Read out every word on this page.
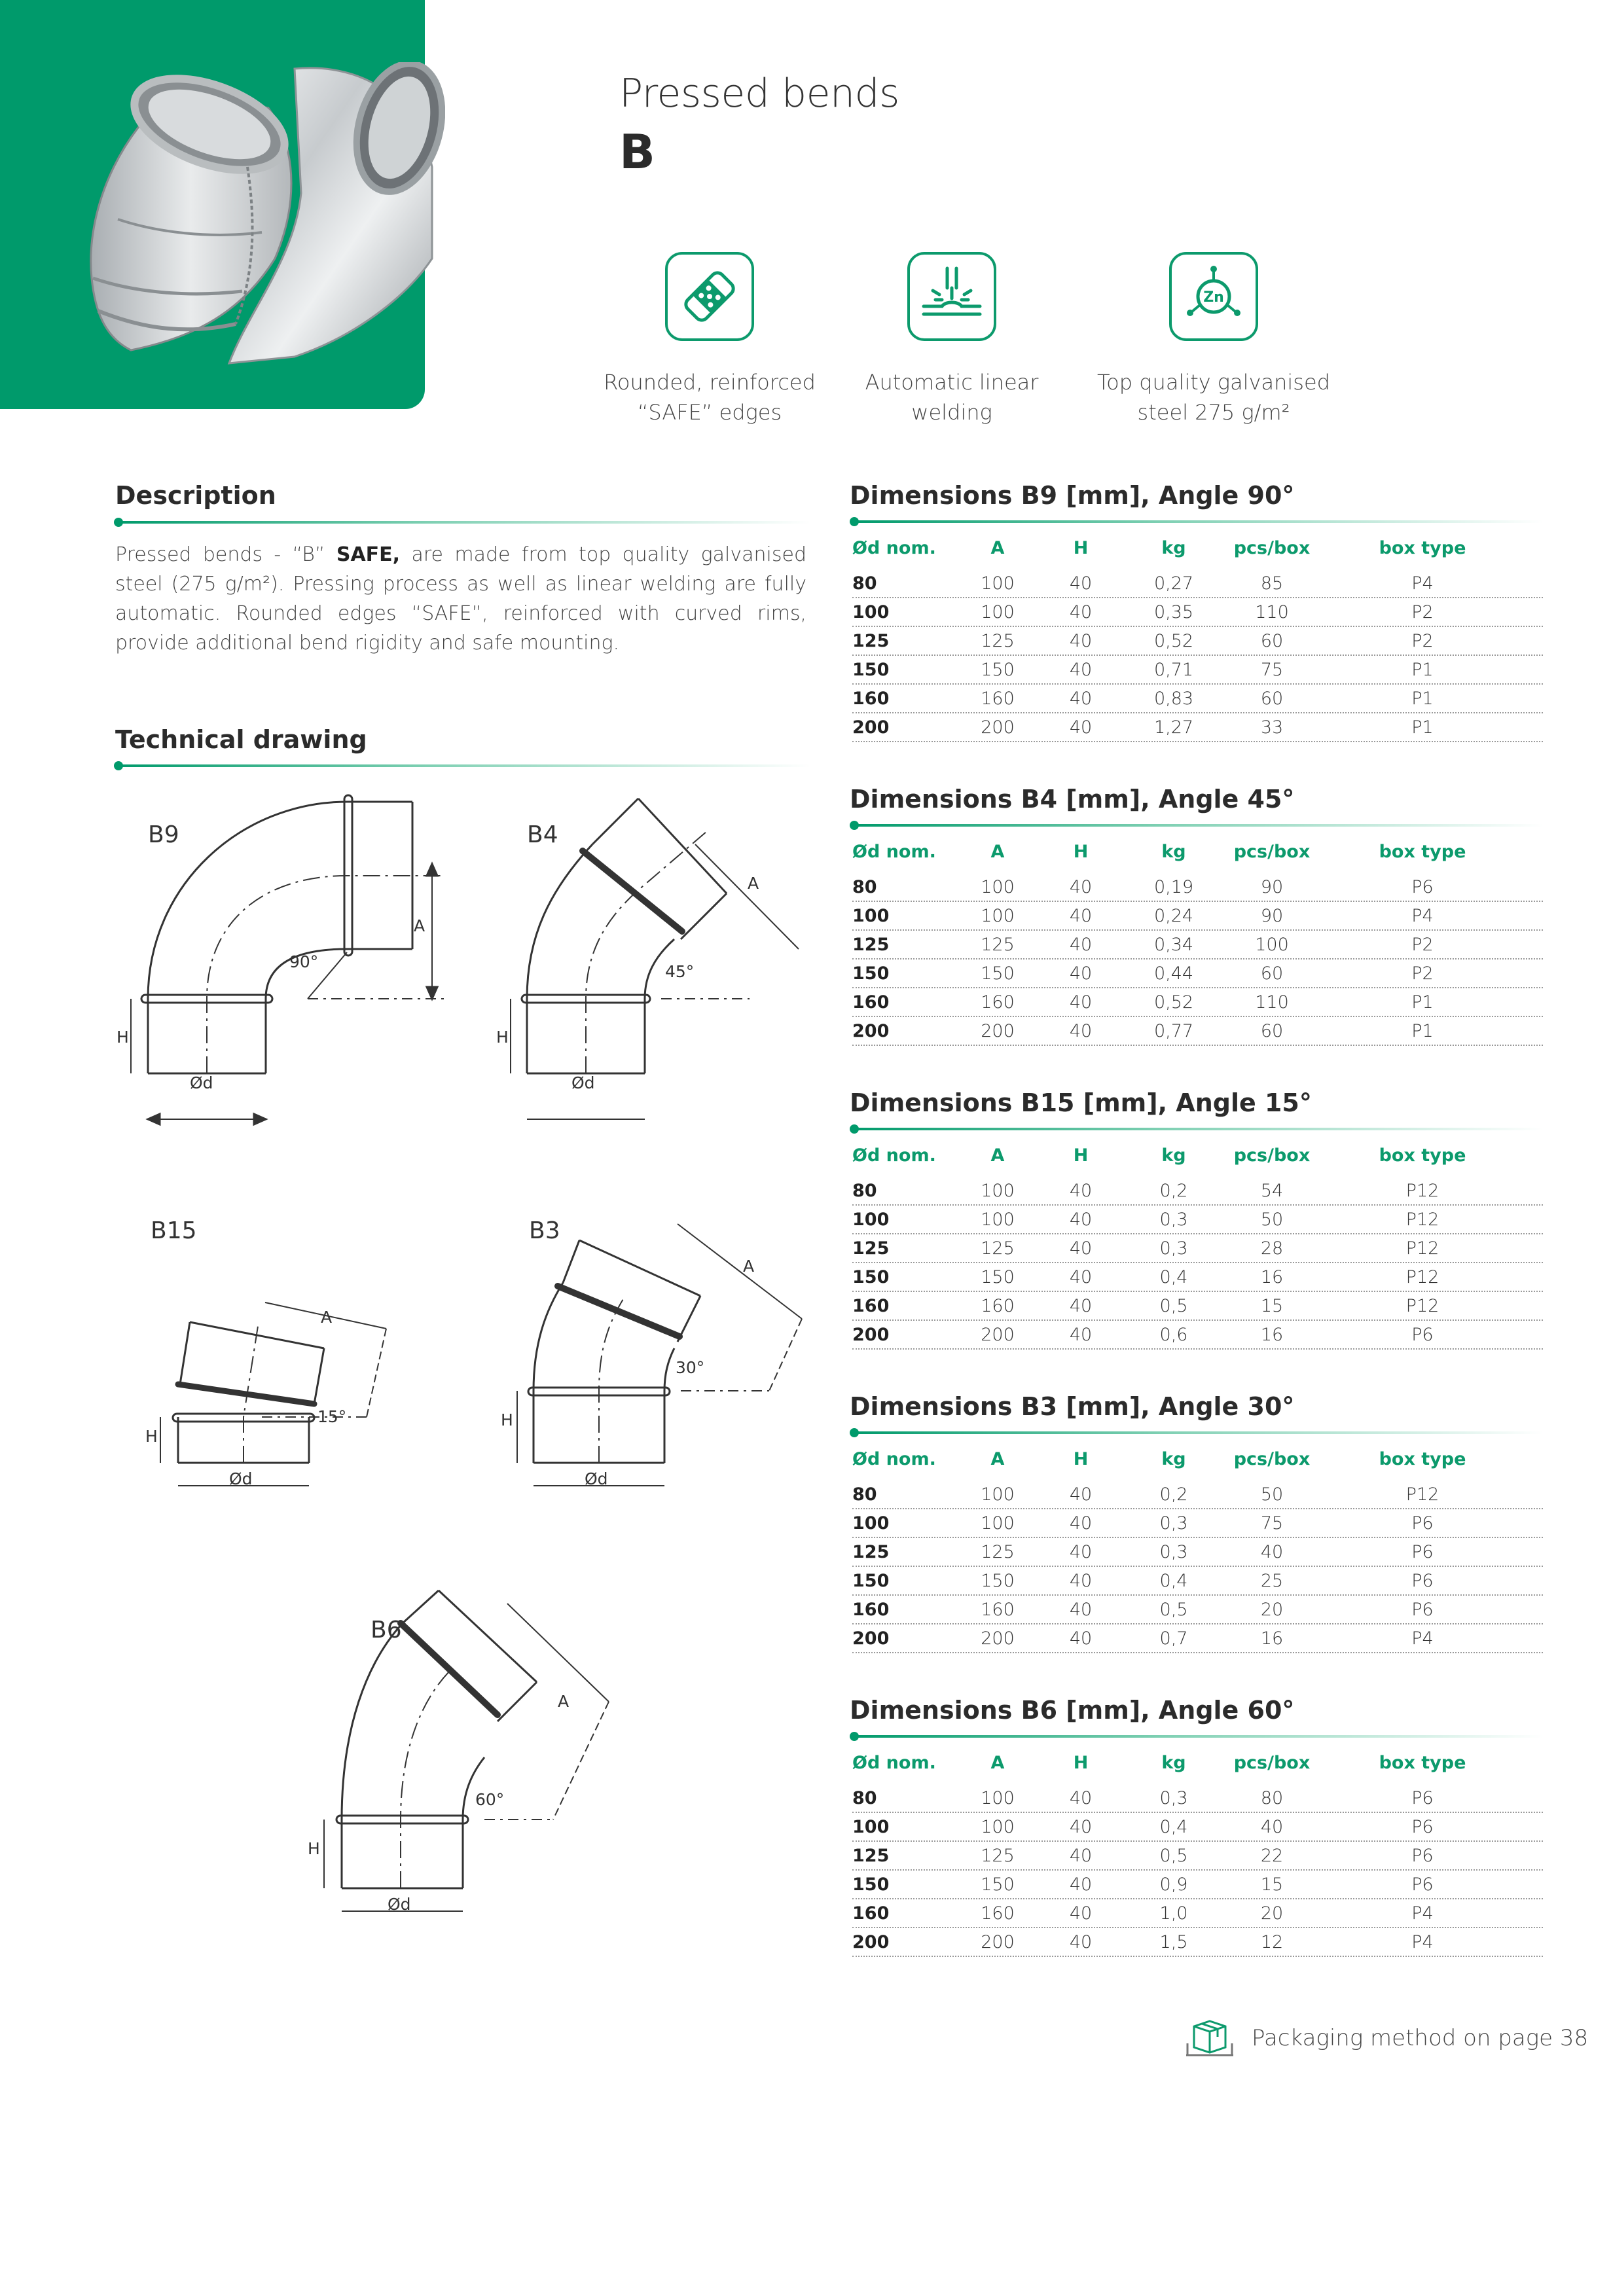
Pressed bends
B
Rounded, reinforced
“SAFE” edges
Automatic linear
welding
Zn
Top quality galvanised
steel 275 g/m²
Description
Pressed bends - “B” SAFE, are made from top quality galvanised steel (275 g/m²). Pressing process as well as linear welding are fully automatic. Rounded edges “SAFE”, reinforced with curved rims, provide additional bend rigidity and safe mounting.
Technical drawing
B9	B4
B15	B3
B6
Ød	Ød
Ød	Ød
Ød
H	H
H
H
H
A
A
A
A
A
90°
45°
15°
30°
60°
Dimensions B9 [mm], Angle 90°
Ød nom.	A	H	kg	pcs/box	box type
80	100	40	0,27	85	P4
100	100	40	0,35	110	P2
125	125	40	0,52	60	P2
150	150	40	0,71	75	P1
160	160	40	0,83	60	P1
200	200	40	1,27	33	P1
Dimensions B4 [mm], Angle 45°
Ød nom.	A	H	kg	pcs/box	box type
80	100	40	0,19	90	P6
100	100	40	0,24	90	P4
125	125	40	0,34	100	P2
150	150	40	0,44	60	P2
160	160	40	0,52	110	P1
200	200	40	0,77	60	P1
Dimensions B15 [mm], Angle 15°
Ød nom.	A	H	kg	pcs/box	box type
80	100	40	0,2	54	P12
100	100	40	0,3	50	P12
125	125	40	0,3	28	P12
150	150	40	0,4	16	P12
160	160	40	0,5	15	P12
200	200	40	0,6	16	P6
Dimensions B3 [mm], Angle 30°
Ød nom.	A	H	kg	pcs/box	box type
80	100	40	0,2	50	P12
100	100	40	0,3	75	P6
125	125	40	0,3	40	P6
150	150	40	0,4	25	P6
160	160	40	0,5	20	P6
200	200	40	0,7	16	P4
Dimensions B6 [mm], Angle 60°
Ød nom.	A	H	kg	pcs/box	box type
80	100	40	0,3	80	P6
100	100	40	0,4	40	P6
125	125	40	0,5	22	P6
150	150	40	0,9	15	P6
160	160	40	1,0	20	P4
200	200	40	1,5	12	P4
Packaging method on page 38
